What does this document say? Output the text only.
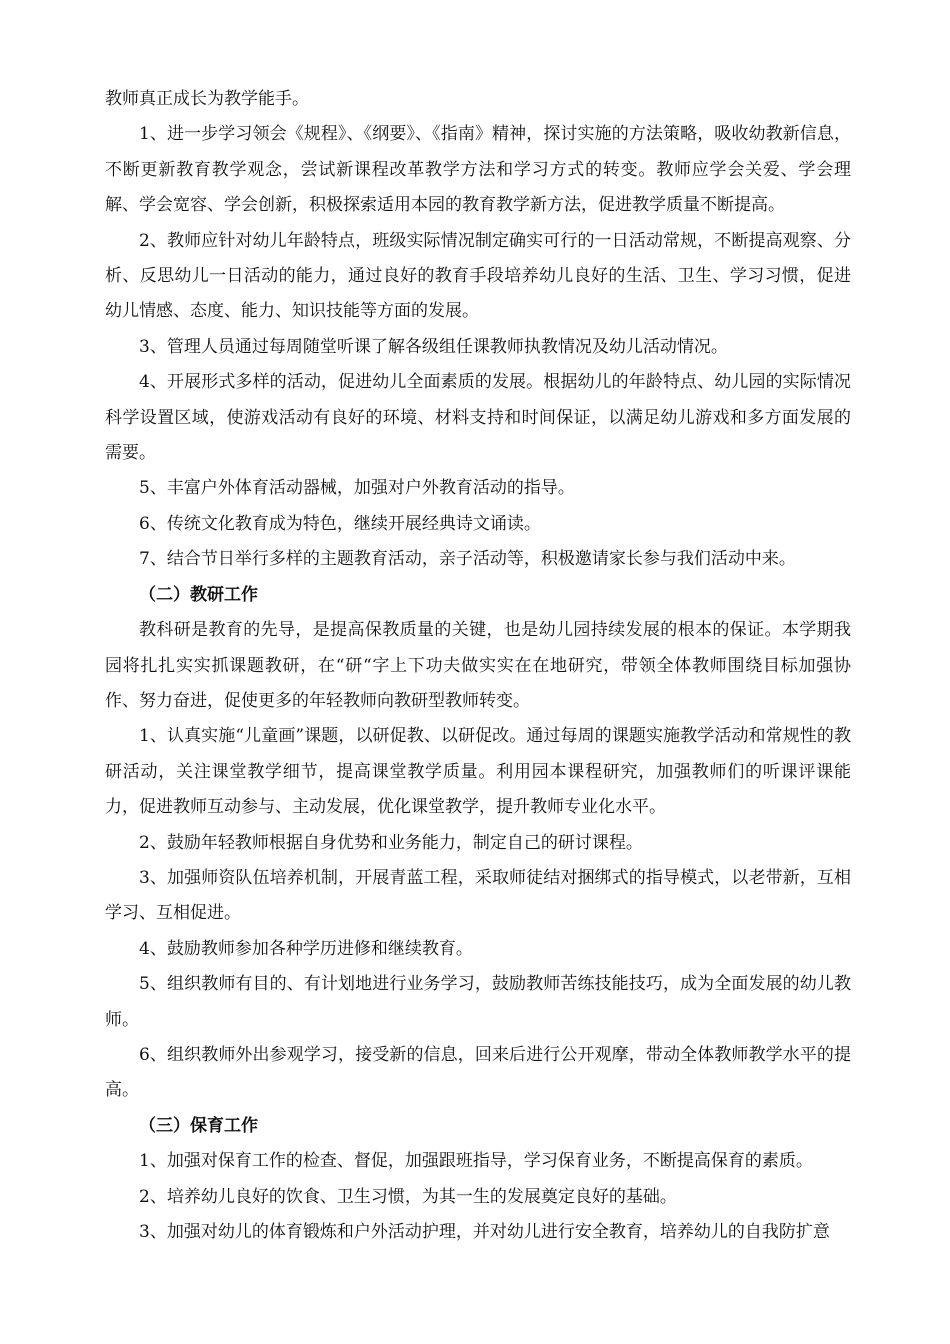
教师真正成长为教学能手。

1、进一步学习领会《规程》、《纲要》、《指南》精神，探讨实施的方法策略，吸收幼教新信息，不断更新教育教学观念，尝试新课程改革教学方法和学习方式的转变。教师应学会关爱、学会理解、学会宽容、学会创新，积极探索适用本园的教育教学新方法，促进教学质量不断提高。

2、教师应针对幼儿年龄特点，班级实际情况制定确实可行的一日活动常规，不断提高观察、分析、反思幼儿一日活动的能力，通过良好的教育手段培养幼儿良好的生活、卫生、学习习惯，促进幼儿情感、态度、能力、知识技能等方面的发展。

3、管理人员通过每周随堂听课了解各级组任课教师执教情况及幼儿活动情况。

4、开展形式多样的活动，促进幼儿全面素质的发展。根据幼儿的年龄特点、幼儿园的实际情况科学设置区域，使游戏活动有良好的环境、材料支持和时间保证，以满足幼儿游戏和多方面发展的需要。

5、丰富户外体育活动器械，加强对户外教育活动的指导。

6、传统文化教育成为特色，继续开展经典诗文诵读。

7、结合节日举行多样的主题教育活动，亲子活动等，积极邀请家长参与我们活动中来。

（二）教研工作

教科研是教育的先导，是提高保教质量的关键，也是幼儿园持续发展的根本的保证。本学期我园将扎扎实实抓课题教研，在“研“字上下功夫做实实在在地研究，带领全体教师围绕目标加强协作、努力奋进，促使更多的年轻教师向教研型教师转变。

1、认真实施“儿童画”课题，以研促教、以研促改。通过每周的课题实施教学活动和常规性的教研活动，关注课堂教学细节，提高课堂教学质量。利用园本课程研究，加强教师们的听课评课能力，促进教师互动参与、主动发展，优化课堂教学，提升教师专业化水平。

2、鼓励年轻教师根据自身优势和业务能力，制定自己的研讨课程。

3、加强师资队伍培养机制，开展青蓝工程，采取师徒结对捆绑式的指导模式，以老带新，互相学习、互相促进。

4、鼓励教师参加各种学历进修和继续教育。

5、组织教师有目的、有计划地进行业务学习，鼓励教师苦练技能技巧，成为全面发展的幼儿教师。

6、组织教师外出参观学习，接受新的信息，回来后进行公开观摩，带动全体教师教学水平的提高。

（三）保育工作

1、加强对保育工作的检查、督促，加强跟班指导，学习保育业务，不断提高保育的素质。

2、培养幼儿良好的饮食、卫生习惯，为其一生的发展奠定良好的基础。

3、加强对幼儿的体育锻炼和户外活动护理，并对幼儿进行安全教育，培养幼儿的自我防扩意
